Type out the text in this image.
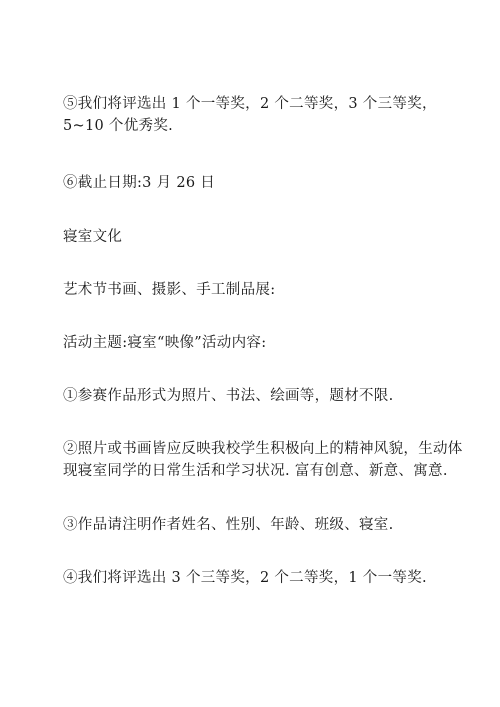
⑤我们将评选出 1 个一等奖，2 个二等奖，3 个三等奖，5~10 个优秀奖.

⑥截止日期:3 月 26 日

寝室文化

艺术节书画、摄影、手工制品展:

活动主题:寝室“映像”活动内容:

①参赛作品形式为照片、书法、绘画等，题材不限.

②照片或书画皆应反映我校学生积极向上的精神风貌，生动体现寝室同学的日常生活和学习状况. 富有创意、新意、寓意.

③作品请注明作者姓名、性别、年龄、班级、寝室.

④我们将评选出 3 个三等奖，2 个二等奖，1 个一等奖.
